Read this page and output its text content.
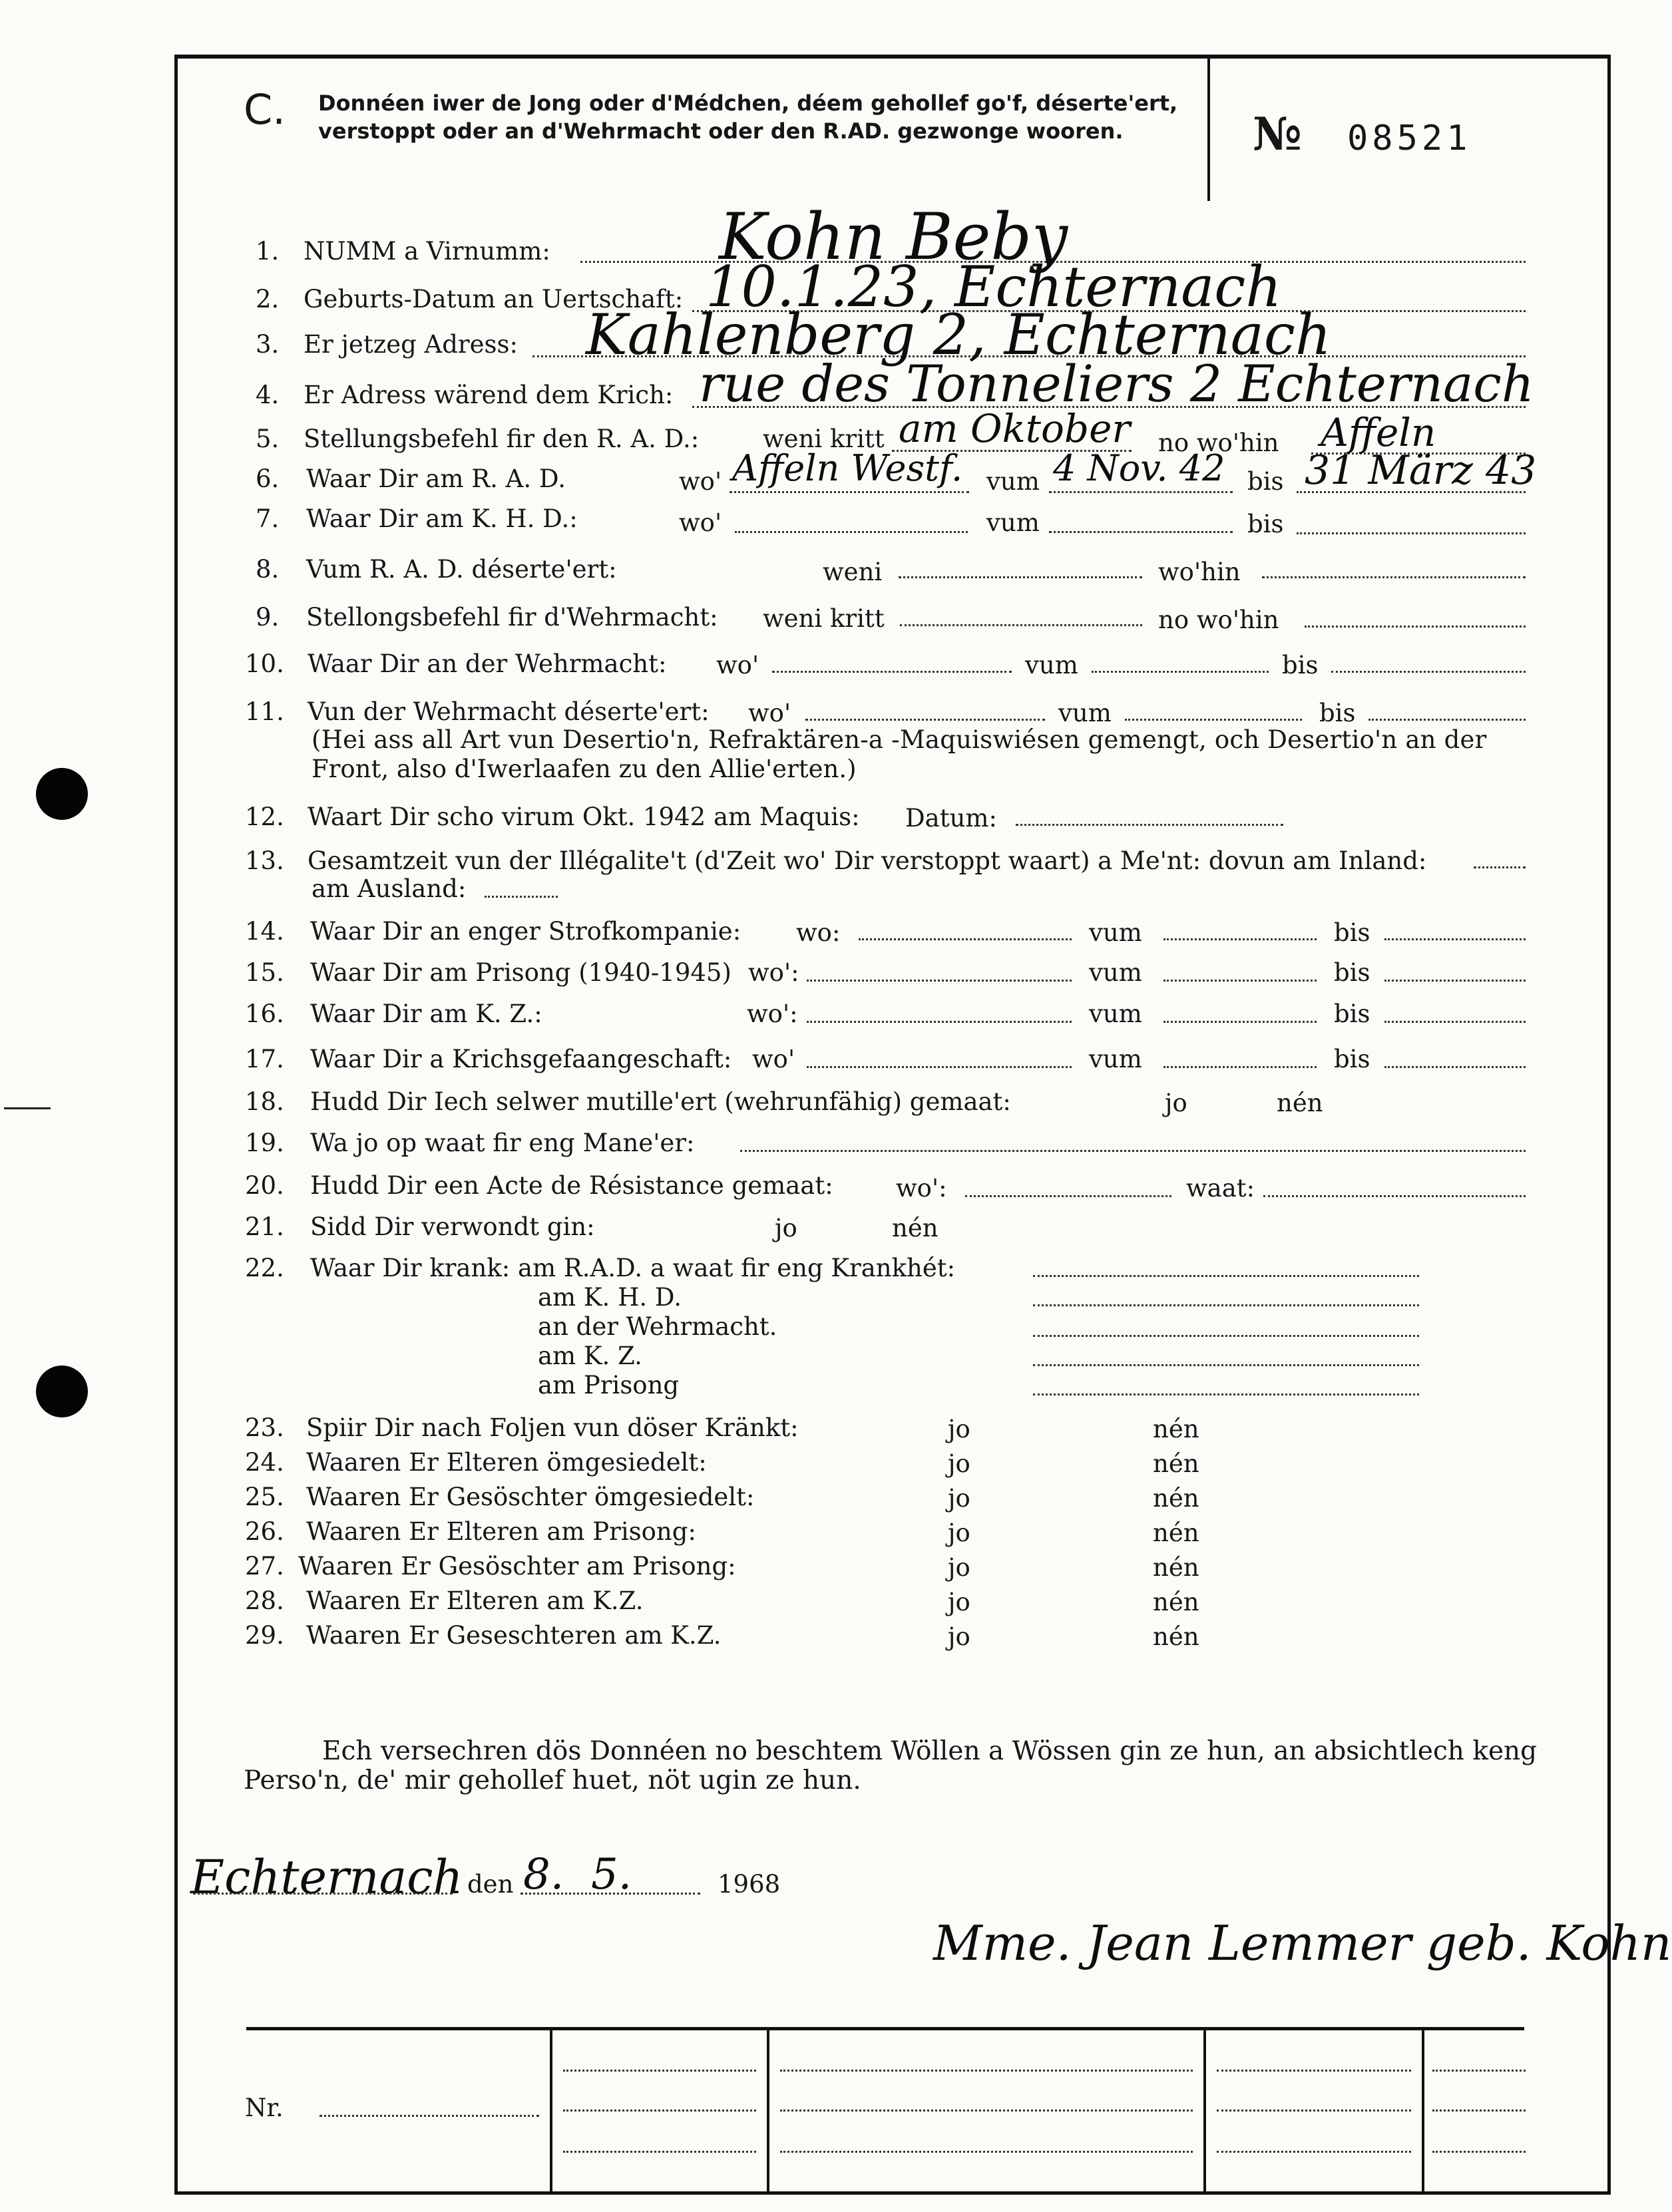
C. Donnéen iwer de Jong oder d'Médchen, déem gehollef go'f, déserte'ert, verstoppt oder an d'Wehrmacht oder den R.AD. gezwonge wooren.	№ 08521
1. NUMM a Virnumm:	Kohn Beby
2. Geburts-Datum an Uertschaft: 10.1.23, Echternach
3. Er jetzeg Adress: Kahlenberg 2, Echternach
4. Er Adress wärend dem Krich: rue des Tonneliers 2 Echternach
5. Stellungsbefehl fir den R. A. D.:	weni kritt am Oktober no wo'hin Affeln
6. Waar Dir am R. A. D.	wo' Affeln Westf. vum 4 Nov. 42 bis 31 März 43
7. Waar Dir am K. H. D.:	wo'	vum	bis
8. Vum R. A. D. déserte'ert:	weni	wo'hin
9. Stellongsbefehl fir d'Wehrmacht: weni kritt	no wo'hin
10. Waar Dir an der Wehrmacht: wo'	vum	bis
11. Vun der Wehrmacht déserte'ert: wo'	vum	bis
(Hei ass all Art vun Desertio'n, Refraktären-a -Maquiswiésen gemengt, och Desertio'n an der
Front, also d'Iwerlaafen zu den Allie'erten.)
12. Waart Dir scho virum Okt. 1942 am Maquis: Datum:
13. Gesamtzeit vun der Illégalite't (d'Zeit wo' Dir verstoppt waart) a Me'nt: dovun am Inland:
am Ausland:
14. Waar Dir an enger Strofkompanie: wo:	vum	bis
15. Waar Dir am Prisong (1940-1945) wo':	vum	bis
16. Waar Dir am K. Z.:	wo':	vum	bis
17. Waar Dir a Krichsgefaangeschaft: wo'	vum	bis
18. Hudd Dir Iech selwer mutille'ert (wehrunfähig) gemaat:	jo	nén
19. Wa jo op waat fir eng Mane'er:
20. Hudd Dir een Acte de Résistance gemaat:	wo':	waat:
21. Sidd Dir verwondt gin:	jo	nén
22. Waar Dir krank: am R.A.D. a waat fir eng Krankhét:
am K. H. D.
an der Wehrmacht.
am K. Z.
am Prisong
23. Spiir Dir nach Foljen vun döser Kränkt:	jo	nén
24. Waaren Er Elteren ömgesiedelt:	jo	nén
25. Waaren Er Gesöschter ömgesiedelt:	jo	nén
26. Waaren Er Elteren am Prisong:	jo	nén
27. Waaren Er Gesöschter am Prisong:	jo	nén
28. Waaren Er Elteren am K.Z.	jo	nén
29. Waaren Er Geseschteren am K.Z.	jo	nén
Ech versechren dös Donnéen no beschtem Wöllen a Wössen gin ze hun, an absichtlech keng
Perso'n, de' mir gehollef huet, nöt ugin ze hun.
Echternach den 8. 5.	1968
Mme. Jean Lemmer geb. Kohn
Nr.
